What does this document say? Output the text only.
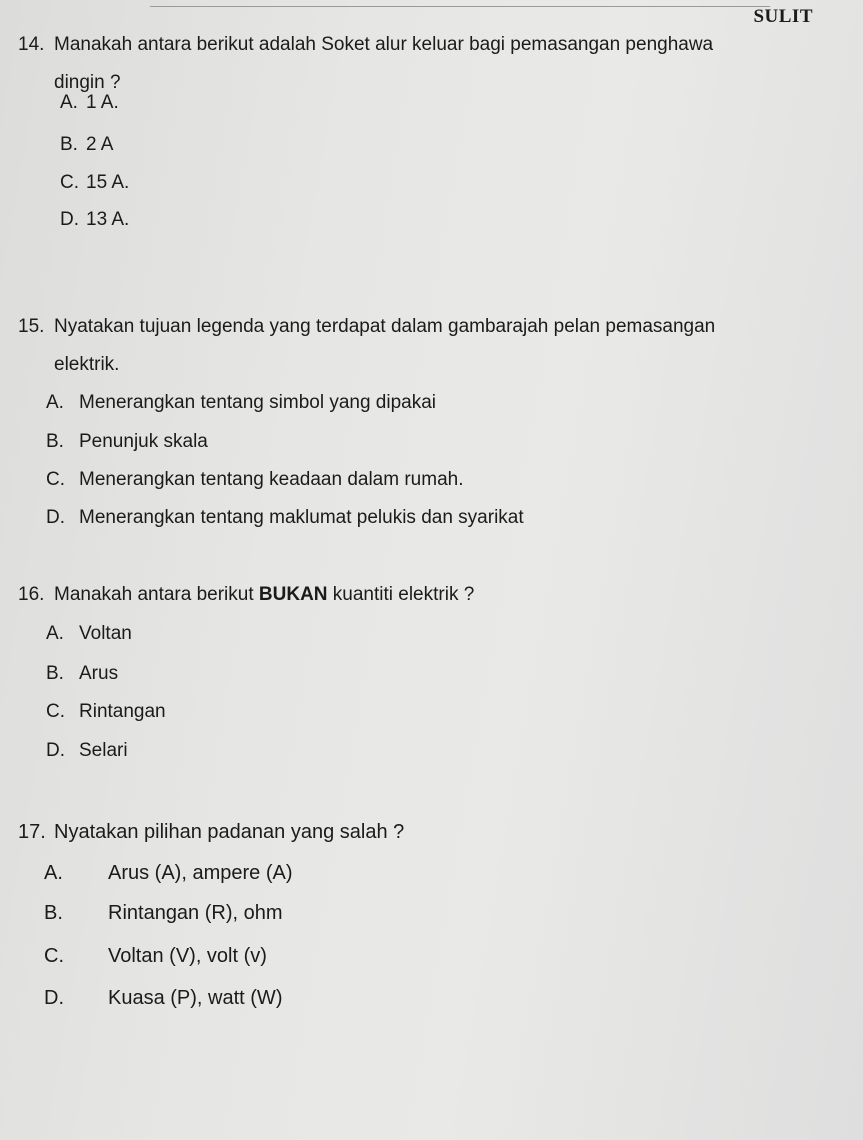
SULIT
14. Manakah antara berikut adalah Soket alur keluar bagi pemasangan penghawa
dingin ?
A. 1 A.
B. 2 A
C. 15 A.
D. 13 A.
15. Nyatakan tujuan legenda yang terdapat dalam gambarajah pelan pemasangan
elektrik.
A. Menerangkan tentang simbol yang dipakai
B. Penunjuk skala
C. Menerangkan tentang keadaan dalam rumah.
D. Menerangkan tentang maklumat pelukis dan syarikat
16. Manakah antara berikut BUKAN kuantiti elektrik ?
A. Voltan
B. Arus
C. Rintangan
D. Selari
17. Nyatakan pilihan padanan yang salah ?
A. Arus (A), ampere (A)
B. Rintangan (R), ohm
C. Voltan (V), volt (v)
D. Kuasa (P), watt (W)
